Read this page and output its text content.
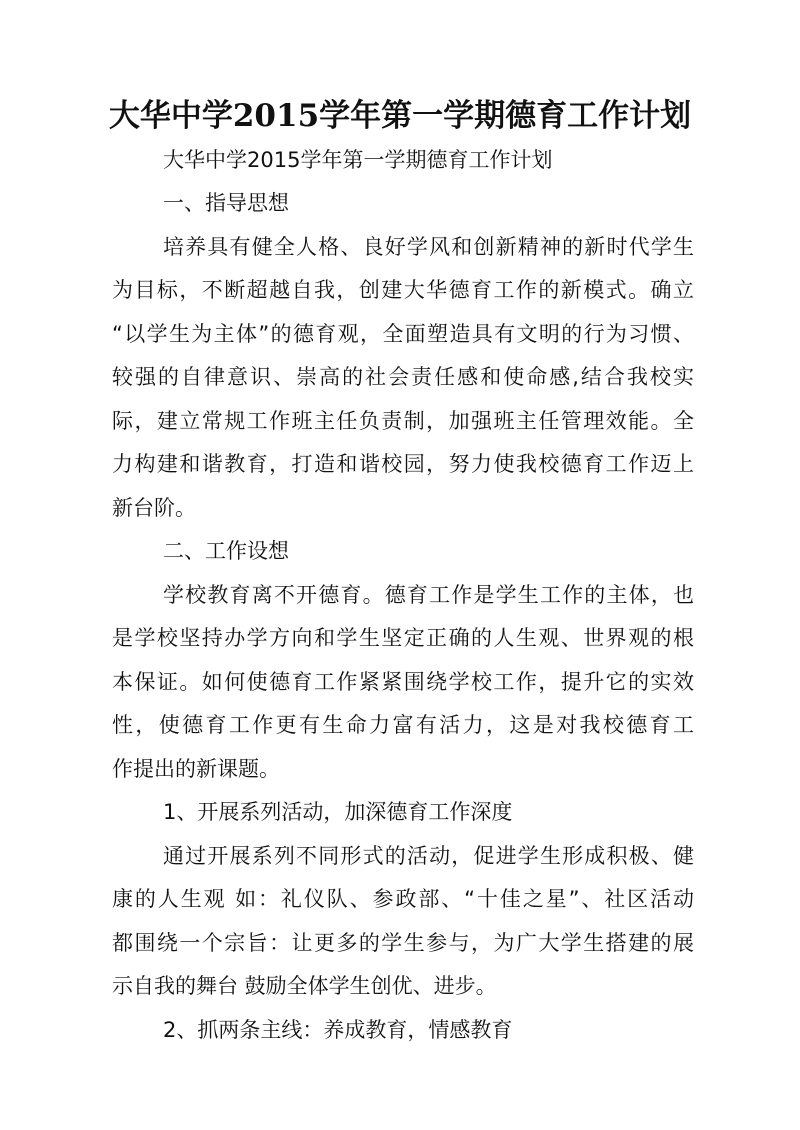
大华中学2015学年第一学期德育工作计划
大华中学2015学年第一学期德育工作计划
一、指导思想
培养具有健全人格、良好学风和创新精神的新时代学生
为目标，不断超越自我，创建大华德育工作的新模式。确立
“以学生为主体”的德育观，全面塑造具有文明的行为习惯、
较强的自律意识、崇高的社会责任感和使命感,结合我校实
际，建立常规工作班主任负责制，加强班主任管理效能。全
力构建和谐教育，打造和谐校园，努力使我校德育工作迈上
新台阶。
二、工作设想
学校教育离不开德育。德育工作是学生工作的主体，也
是学校坚持办学方向和学生坚定正确的人生观、世界观的根
本保证。如何使德育工作紧紧围绕学校工作，提升它的实效
性，使德育工作更有生命力富有活力，这是对我校德育工
作提出的新课题。
1、开展系列活动，加深德育工作深度
通过开展系列不同形式的活动，促进学生形成积极、健
康的人生观 如：礼仪队、参政部、“十佳之星”、社区活动
都围绕一个宗旨：让更多的学生参与，为广大学生搭建的展
示自我的舞台 鼓励全体学生创优、进步。
2、抓两条主线：养成教育，情感教育
